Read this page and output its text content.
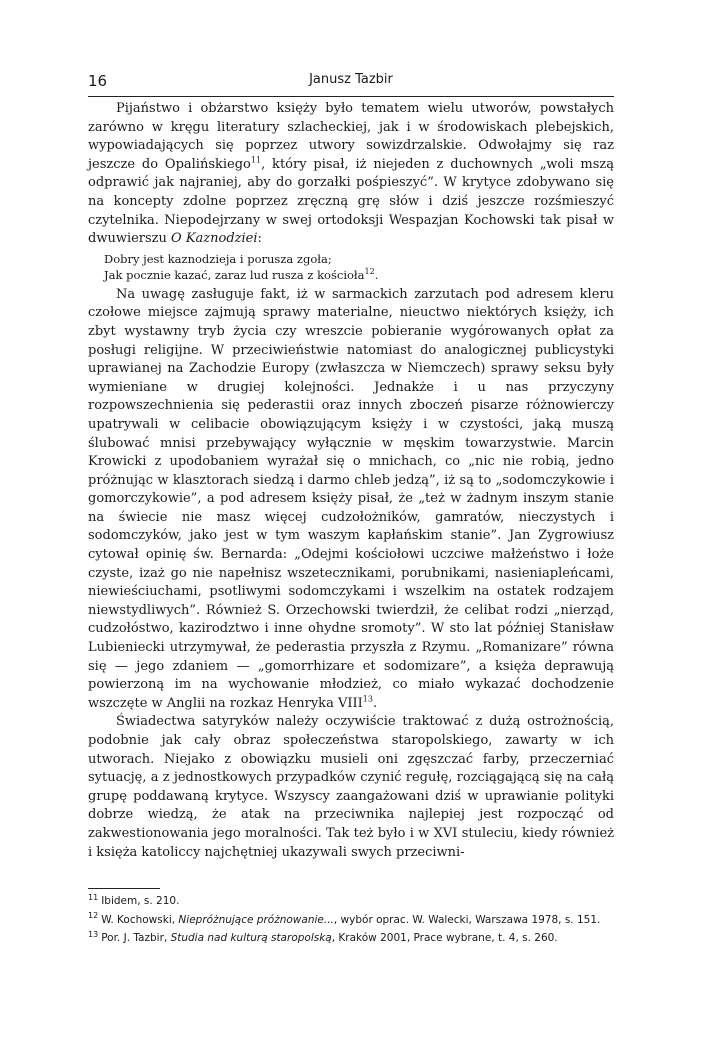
16	Janusz Tazbir

Pijaństwo i obżarstwo księży było tematem wielu utworów, powstałych zarówno w kręgu literatury szlacheckiej, jak i w środowiskach plebejskich, wypowiadających się poprzez utwory sowizdrzalskie. Odwołajmy się raz jeszcze do Opalińskiego$^{11}$, który pisał, iż niejeden z duchownych „woli mszą odprawić jak najraniej, aby do gorzałki pośpieszyć”. W krytyce zdobywano się na koncepty zdolne poprzez zręczną grę słów i dziś jeszcze rozśmieszyć czytelnika. Niepodejrzany w swej ortodoksji Wespazjan Kochowski tak pisał w dwuwierszu O Kaznodziei:

Dobry jest kaznodzieja i porusza zgoła;
Jak pocznie kazać, zaraz lud rusza z kościoła$^{12}$.

Na uwagę zasługuje fakt, iż w sarmackich zarzutach pod adresem kleru czołowe miejsce zajmują sprawy materialne, nieuctwo niektórych księży, ich zbyt wystawny tryb życia czy wreszcie pobieranie wygórowanych opłat za posługi religijne. W przeciwieństwie natomiast do analogicznej publicystyki uprawianej na Zachodzie Europy (zwłaszcza w Niemczech) sprawy seksu były wymieniane w drugiej kolejności. Jednakże i u nas przyczyny rozpowszechnienia się pederastii oraz innych zboczeń pisarze różnowierczy upatrywali w celibacie obowiązującym księży i w czystości, jaką muszą ślubować mnisi przebywający wyłącznie w męskim towarzystwie. Marcin Krowicki z upodobaniem wyrażał się o mnichach, co „nic nie robią, jedno próżnując w klasztorach siedzą i darmo chleb jedzą”, iż są to „sodomczykowie i gomorczykowie”, a pod adresem księży pisał, że „też w żadnym inszym stanie na świecie nie masz więcej cudzołożników, gamratów, nieczystych i sodomczyków, jako jest w tym waszym kapłańskim stanie”. Jan Zygrowiusz cytował opinię św. Bernarda: „Odejmi kościołowi uczciwe małżeństwo i łoże czyste, izaż go nie napełnisz wszetecznikami, porubnikami, nasieniaplеńcami, niewieściuchami, psotliwymi sodomczykami i wszelkim na ostatek rodzajem niewstydliwych”. Również S. Orzechowski twierdził, że celibat rodzi „nierząd, cudzołóstwo, kazirodztwo i inne ohydne sromoty”. W sto lat później Stanisław Lubieniecki utrzymywał, że pederastia przyszła z Rzymu. „Romanizare” równa się — jego zdaniem — „gomorrhizare et sodomizare”, a księża deprawują powierzoną im na wychowanie młodzież, co miało wykazać dochodzenie wszczęte w Anglii na rozkaz Henryka VIII$^{13}$.

Świadectwa satyryków należy oczywiście traktować z dużą ostrożnością, podobnie jak cały obraz społeczeństwa staropolskiego, zawarty w ich utworach. Niejako z obowiązku musieli oni zgęszczać farby, przeczerniać sytuację, a z jednostkowych przypadków czynić regułę, rozciągającą się na całą grupę poddawaną krytyce. Wszyscy zaangażowani dziś w uprawianie polityki dobrze wiedzą, że atak na przeciwnika najlepiej jest rozpocząć od zakwestionowania jego moralności. Tak też było i w XVI stuleciu, kiedy również i księża katoliccy najchętniej ukazywali swych przeciwni-

$^{11}$ Ibidem, s. 210.
$^{12}$ W. Kochowski, Niepróżnujące próżnowanie..., wybór oprac. W. Walecki, Warszawa 1978, s. 151.
$^{13}$ Por. J. Tazbir, Studia nad kulturą staropolską, Kraków 2001, Prace wybrane, t. 4, s. 260.
